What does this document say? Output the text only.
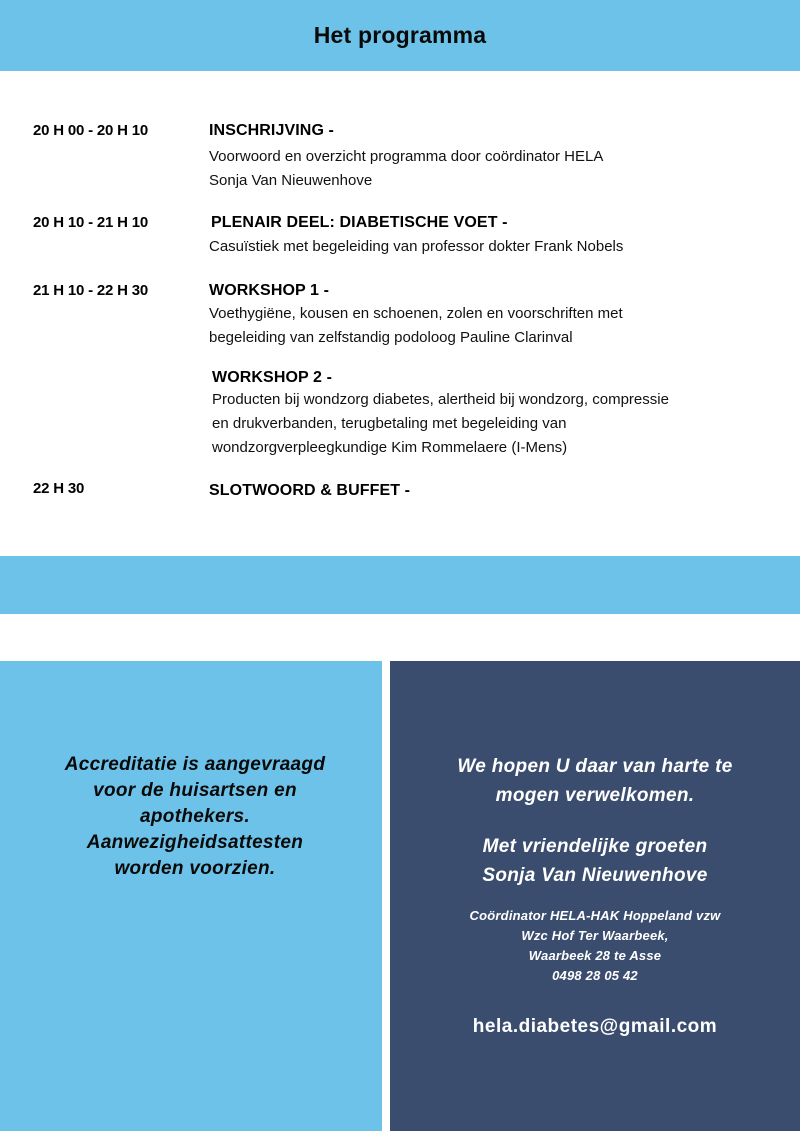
Het programma
20 H 00 - 20 H 10	INSCHRIJVING -
Voorwoord en overzicht programma door coördinator HELA
Sonja Van Nieuwenhove
20 H 10 - 21 H 10	PLENAIR DEEL: DIABETISCHE VOET -
Casuïstiek met begeleiding van professor dokter Frank Nobels
21 H 10 - 22 H 30	WORKSHOP 1 -
Voethygiëne, kousen en schoenen, zolen en voorschriften met
begeleiding van zelfstandig podoloog Pauline Clarinval
WORKSHOP 2 -
Producten bij wondzorg diabetes, alertheid bij wondzorg, compressie
en drukverbanden, terugbetaling met begeleiding van
wondzorgverpleegkundige Kim Rommelaere (I-Mens)
22 H 30	SLOTWOORD & BUFFET -
Accreditatie is aangevraagd
voor de huisartsen en
apothekers.
Aanwezigheidsattesten
worden voorzien.
We hopen U daar van harte te
mogen verwelkomen.
Met vriendelijke groeten
Sonja Van Nieuwenhove
Coördinator HELA-HAK Hoppeland vzw
Wzc Hof Ter Waarbeek,
Waarbeek 28 te Asse
0498 28 05 42
hela.diabetes@gmail.com
